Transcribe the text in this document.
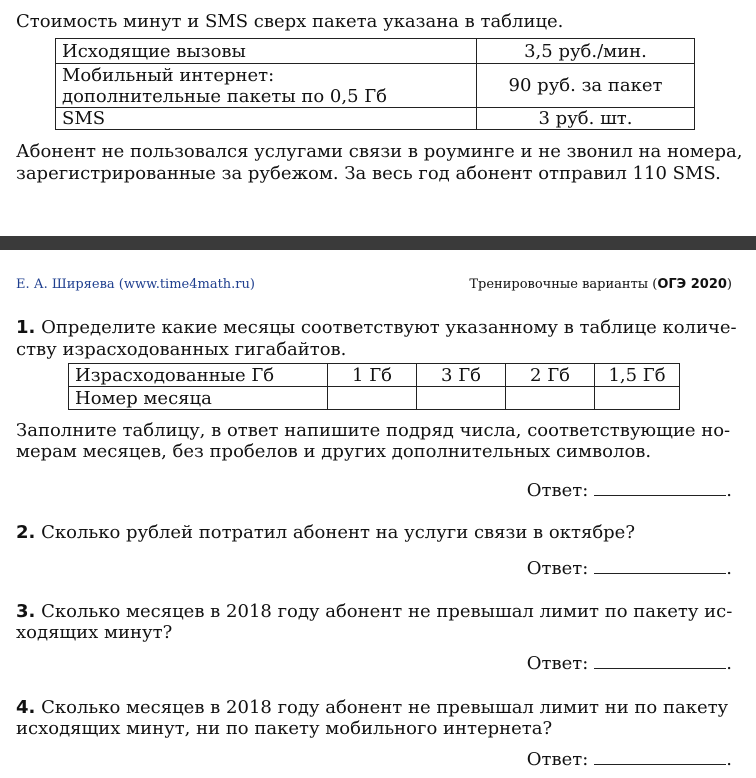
Стоимость минут и SMS сверх пакета указана в таблице.
Исходящие вызовы	3,5 руб./мин.

Мобильный интернет:
дополнительные пакеты по 0,5 Гб	90 руб. за пакет
SMS	3 руб. шт.
Абонент не пользовался услугами связи в роуминге и не звонил на номера,
зарегистрированные за рубежом. За весь год абонент отправил 110 SMS.
Е. А. Ширяева (www.time4math.ru)	Тренировочные варианты (ОГЭ 2020)
1. Определите какие месяцы соответствуют указанному в таблице количе-
ству израсходованных гигабайтов.
Израсходованные Гб	1 Гб	3 Гб	2 Гб	1,5 Гб
Номер месяца				
Заполните таблицу, в ответ напишите подряд числа, соответствующие но-
мерам месяцев, без пробелов и других дополнительных символов.
Ответ:	.
2. Сколько рублей потратил абонент на услуги связи в октябре?
Ответ:	.
3. Сколько месяцев в 2018 году абонент не превышал лимит по пакету ис-
ходящих минут?
Ответ:	.
4. Сколько месяцев в 2018 году абонент не превышал лимит ни по пакету
исходящих минут, ни по пакету мобильного интернета?
Ответ:	.
